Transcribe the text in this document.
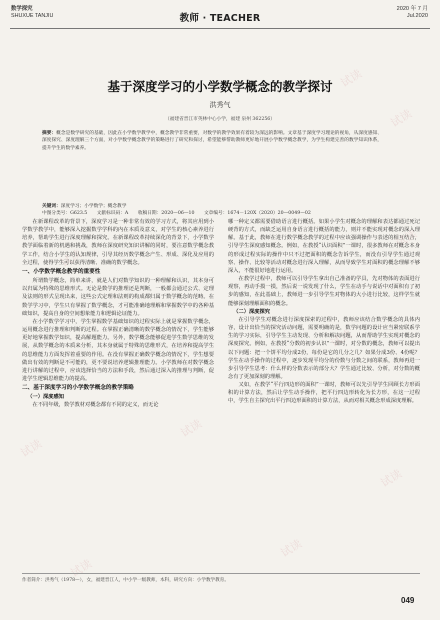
试读
试读
试读
试读
试读
试读
试读
试读
试读
试读
数学探究
SHUXUE TANJIU	教师 · TEACHER
2020 年 7 月
Jul.2020
基于深度学习的小学数学概念的教学探讨
洪秀气
（福建省晋江市英林中心小学，福建 泉州 362256）
摘要：概念是数学研究的基础，因此在小学数学教学中，概念教学非常重要，对数学的教学效果有着较为深远的影响。文章基于深度学习理论的视角，从深度感知、深度探究、深度理解三个方面，对小学数学概念教学的策略进行了研究和探讨，希望能够帮助教师更好地开展小学数学概念教学，为学生构建完善的数学知识体系，提升学生的数学素养。
关键词：深度学习；小学数学；概念教学
中图分类号：G623.5 文献标识码：A 收稿日期：2020—06—10 文章编号：1674－120X（2020）20—0049—02

在新课程改革的背景下，深度学习是一种非常有效的学习方式，将其应用到小学数学教学中，能够深入挖掘数学学科的内在本质及意义，对学生的核心素养进行培养，帮助学生进行深度理解和探究。在新课程改革持续深化的背景下，小学数学教学面临着新的机遇和挑战，教师在深度研究知识讲解的同时，要注意数学概念教学工作，结合小学生的认知规律，引导其经历数学概念产生、形成、深化及应用的全过程，使得学生可以获得清晰、准确的数学概念。

一、小学数学概念教学的重要性

所谓数学概念，简单来讲，就是人们对数学知识的一种理解和认识，其本身可以归属为特殊的思维形式。无论是数学的推理还是判断，一般都会通过公式、定理及法则的形式呈现出来，这些公式定理和法则的构成都归属于数学概念的范畴。在数学学习中，学生只有掌握了数学概念，才可能准确地理解和掌握数学中的各种基础知识，提高自身的空间想象能力和逻辑论证能力。

在小学数学学习中，学生掌握数学基础知识的过程实际上就是掌握数学概念，运用概念进行推理和判断的过程。在掌握正确清晰的数学概念的情况下，学生能够更好地掌握数学知识，提高解题能力。另外，数学概念能够促进学生数学思维的发展，从数学概念的本质来分析，其本身就属于特殊的思维形式，在培养和提高学生的思维能力方面发挥着重要的作用。在没有掌握正确数学概念的情况下，学生想要做出有效的判断是不可能的，更不要说培养逻辑推理能力。小学教师在对数学概念进行讲解的过程中，应该选择恰当的方法和手段，然后通过深入的推理与判断，促进学生逻辑思维能力的提高。

二、基于深度学习的小学数学概念的教学策略
（一）深度感知

在不同年级，数学教材对概念都有不同的定义，而无论

哪一种定义都需要借助语言进行概括。如果小学生对概念的理解和表达都通过死记硬背的方式，而缺乏运用自身语言进行概括的能力，则并不能实现对概念的深入理解。基于此，教师在进行数学概念教学的过程中应该强调操作与表述的相互结合，引导学生深度感知概念。例如，在教授“认识面积”一课时，很多教师在对概念本身的形成过程实际的操作中只不过把面积的概念告诉学生，而没有引导学生通过观察、操作、比较等活动对概念进行深入理解，从而导致学生对面积的概念理解不够深入，不能很好地进行运用。

在教学过程中，教师可以引导学生拿出自己准备的学具，先对物体的表面进行观察，再动手摸一摸，然后说一说发现了什么，学生在动手与说话中对面积有了初步的感知，在此基础上，教师进一步引导学生对物体的大小进行比较，这样学生就能够深刻理解面积的概念。

（二）深度探究

在引导学生对概念进行深度探索的过程中，教师应该结合数学概念的具体内容，设计出恰当的探究活动问题，需要明确的是，数学问题的设计应当紧密联系学生的学习实际，引导学生主动发现、分析和解决问题，从而帮助学生实现对概念的深度探究。例如，在教授“分数的初步认识”一课时，对分数的概念，教师可以提出以下问题：把一个饼平均分成2份，每份是它的几分之几？如果分成3份、4份呢？学生在动手操作的过程中，逐步发现平均分的份数与分数之间的联系，教师再进一步引导学生思考：什么样的分数表示的部分大？学生通过比较、分析，对分数的概念有了更加深刻的理解。

又如，在教学“平行四边形的面积”一课时，教师可以先引导学生回顾长方形面积的计算方法，然后让学生动手操作，把平行四边形转化为长方形，在这一过程中，学生自主探究出平行四边形面积的计算方法，从而对相关概念形成深度理解。

作者简介：洪秀气（1978—），女，福建晋江人，中小学一级教师，本科，研究方向：小学数学教育。
049
